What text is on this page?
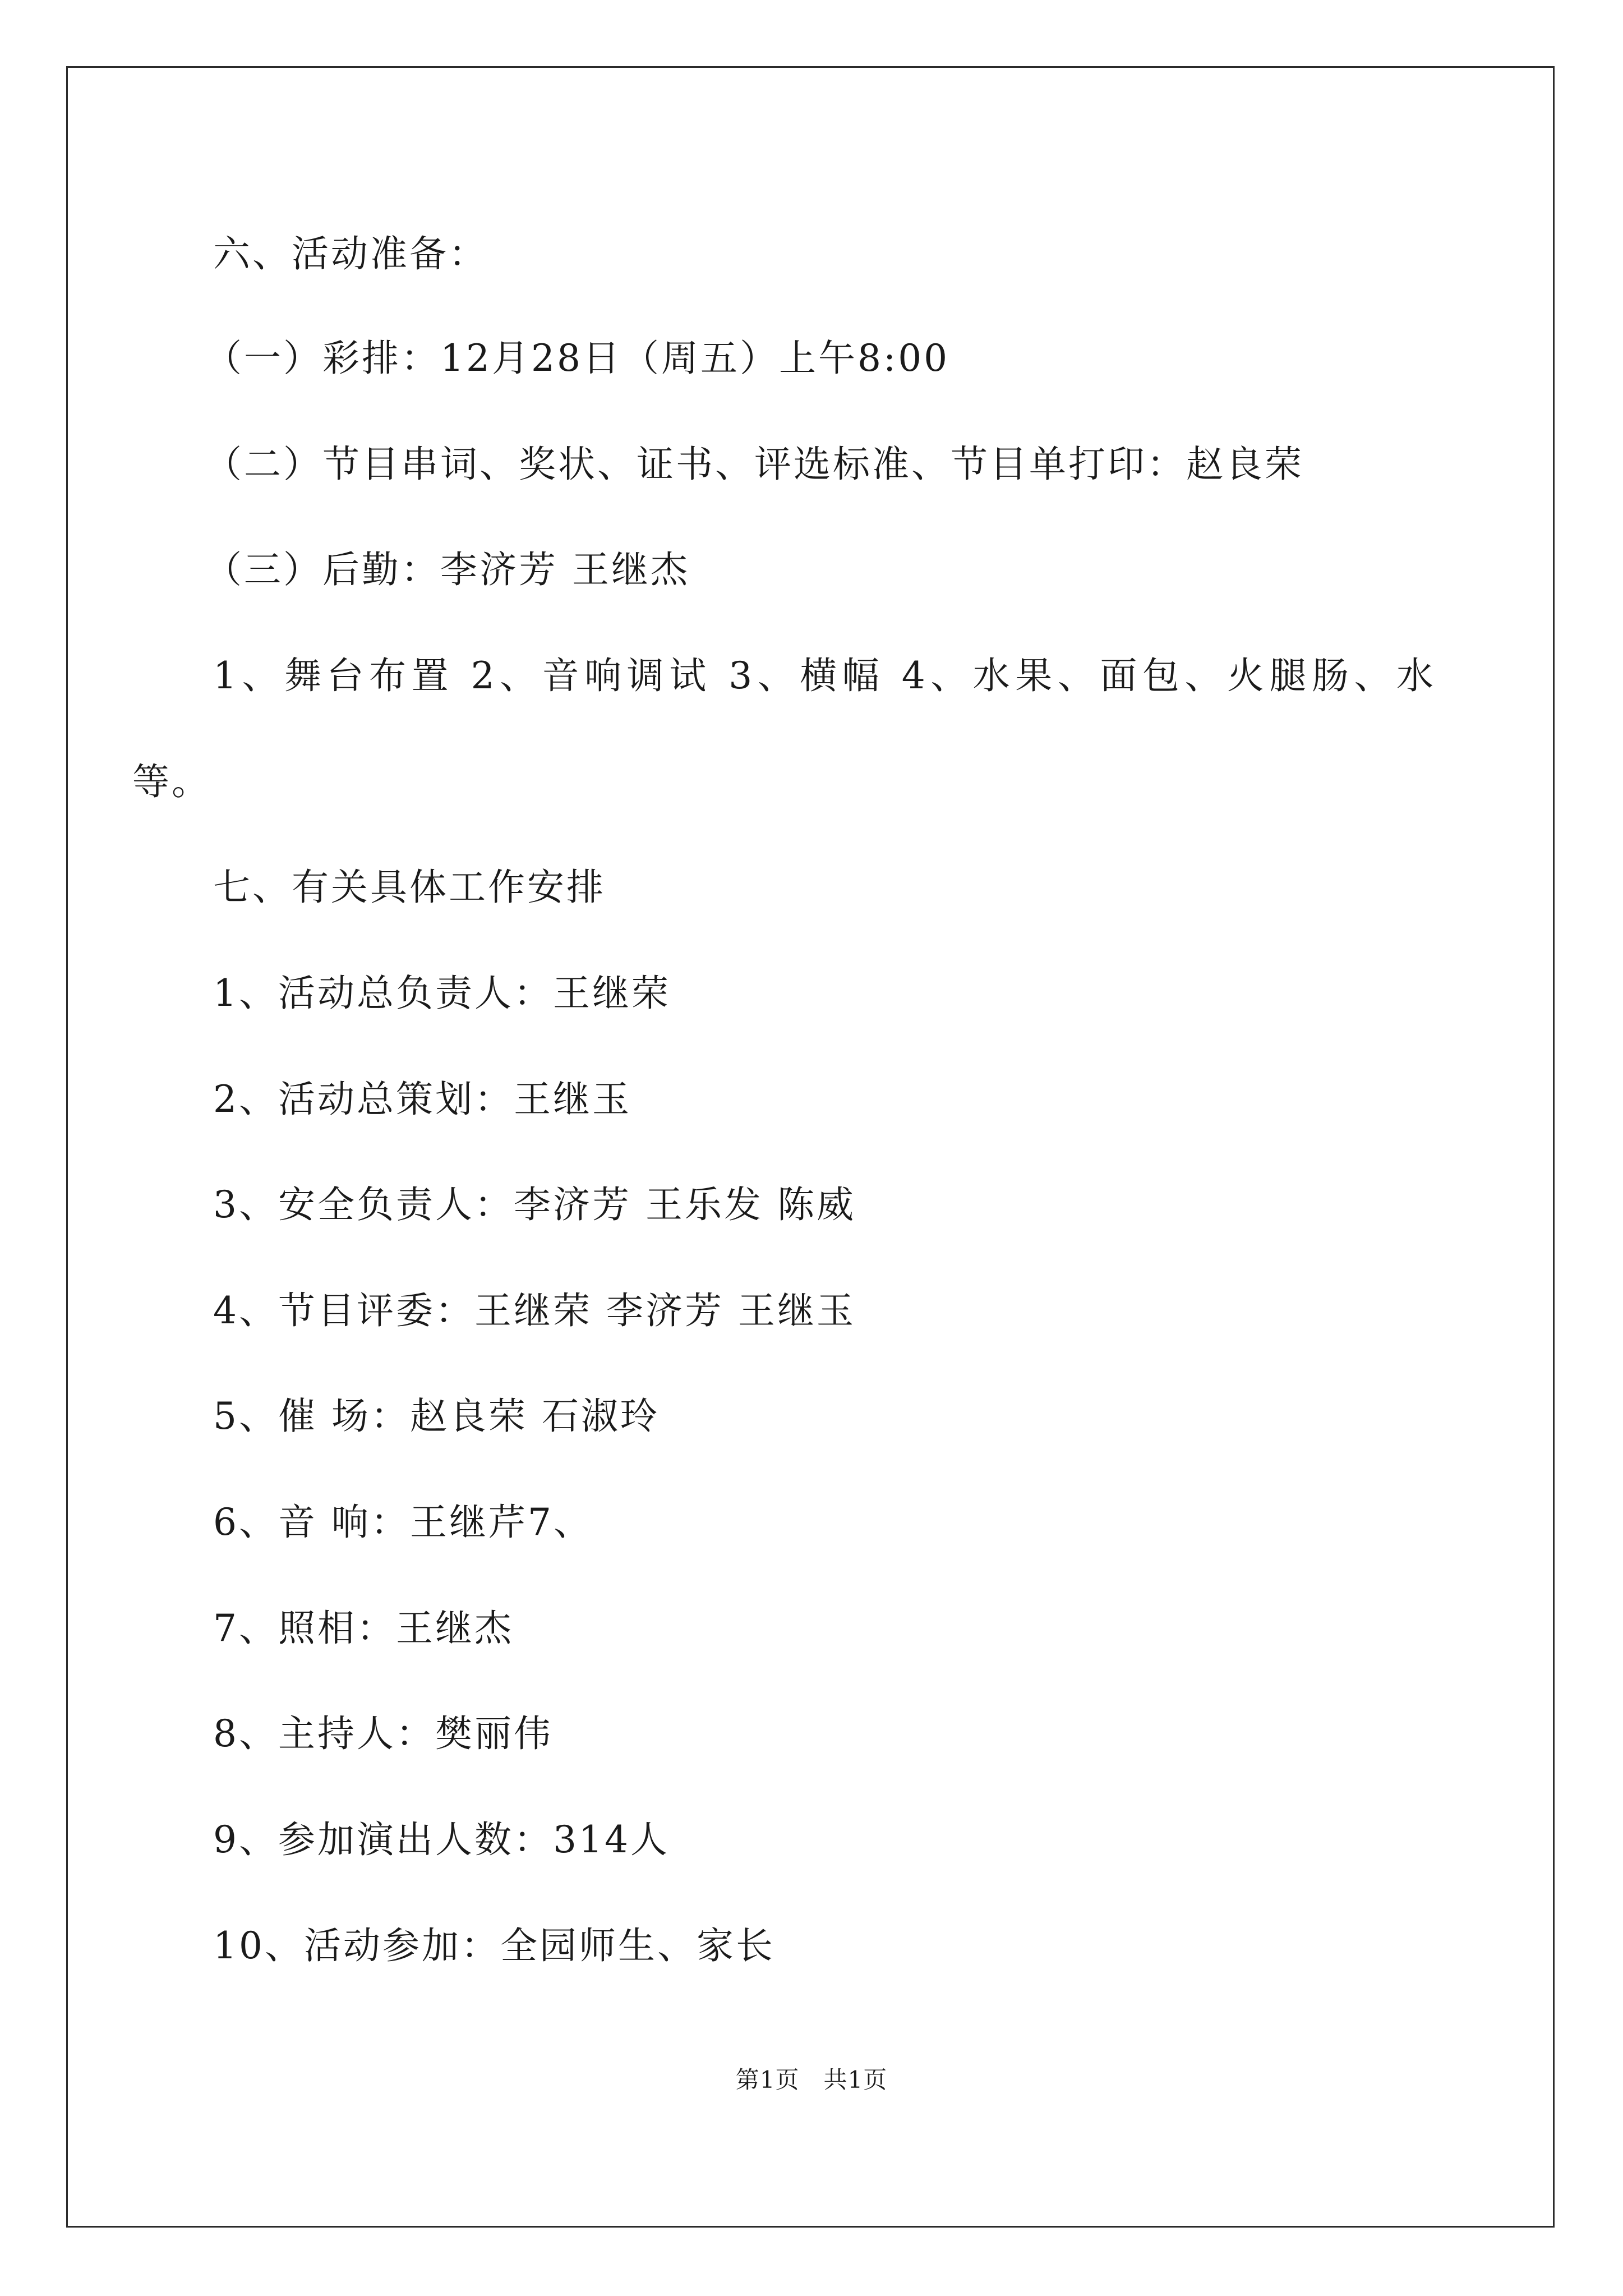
六、活动准备：
（一）彩排：12月28日（周五）上午8:00
（二）节目串词、奖状、证书、评选标准、节目单打印：赵良荣
（三）后勤：李济芳 王继杰
1、舞台布置 2、音响调试 3、横幅 4、水果、面包、火腿肠、水
等。
七、有关具体工作安排
1、活动总负责人：王继荣
2、活动总策划：王继玉
3、安全负责人：李济芳 王乐发 陈威
4、节目评委：王继荣 李济芳 王继玉
5、催 场：赵良荣 石淑玲
6、音 响：王继芹7、
7、照相：王继杰
8、主持人：樊丽伟
9、参加演出人数：314人
10、活动参加：全园师生、家长
第1页　共1页
